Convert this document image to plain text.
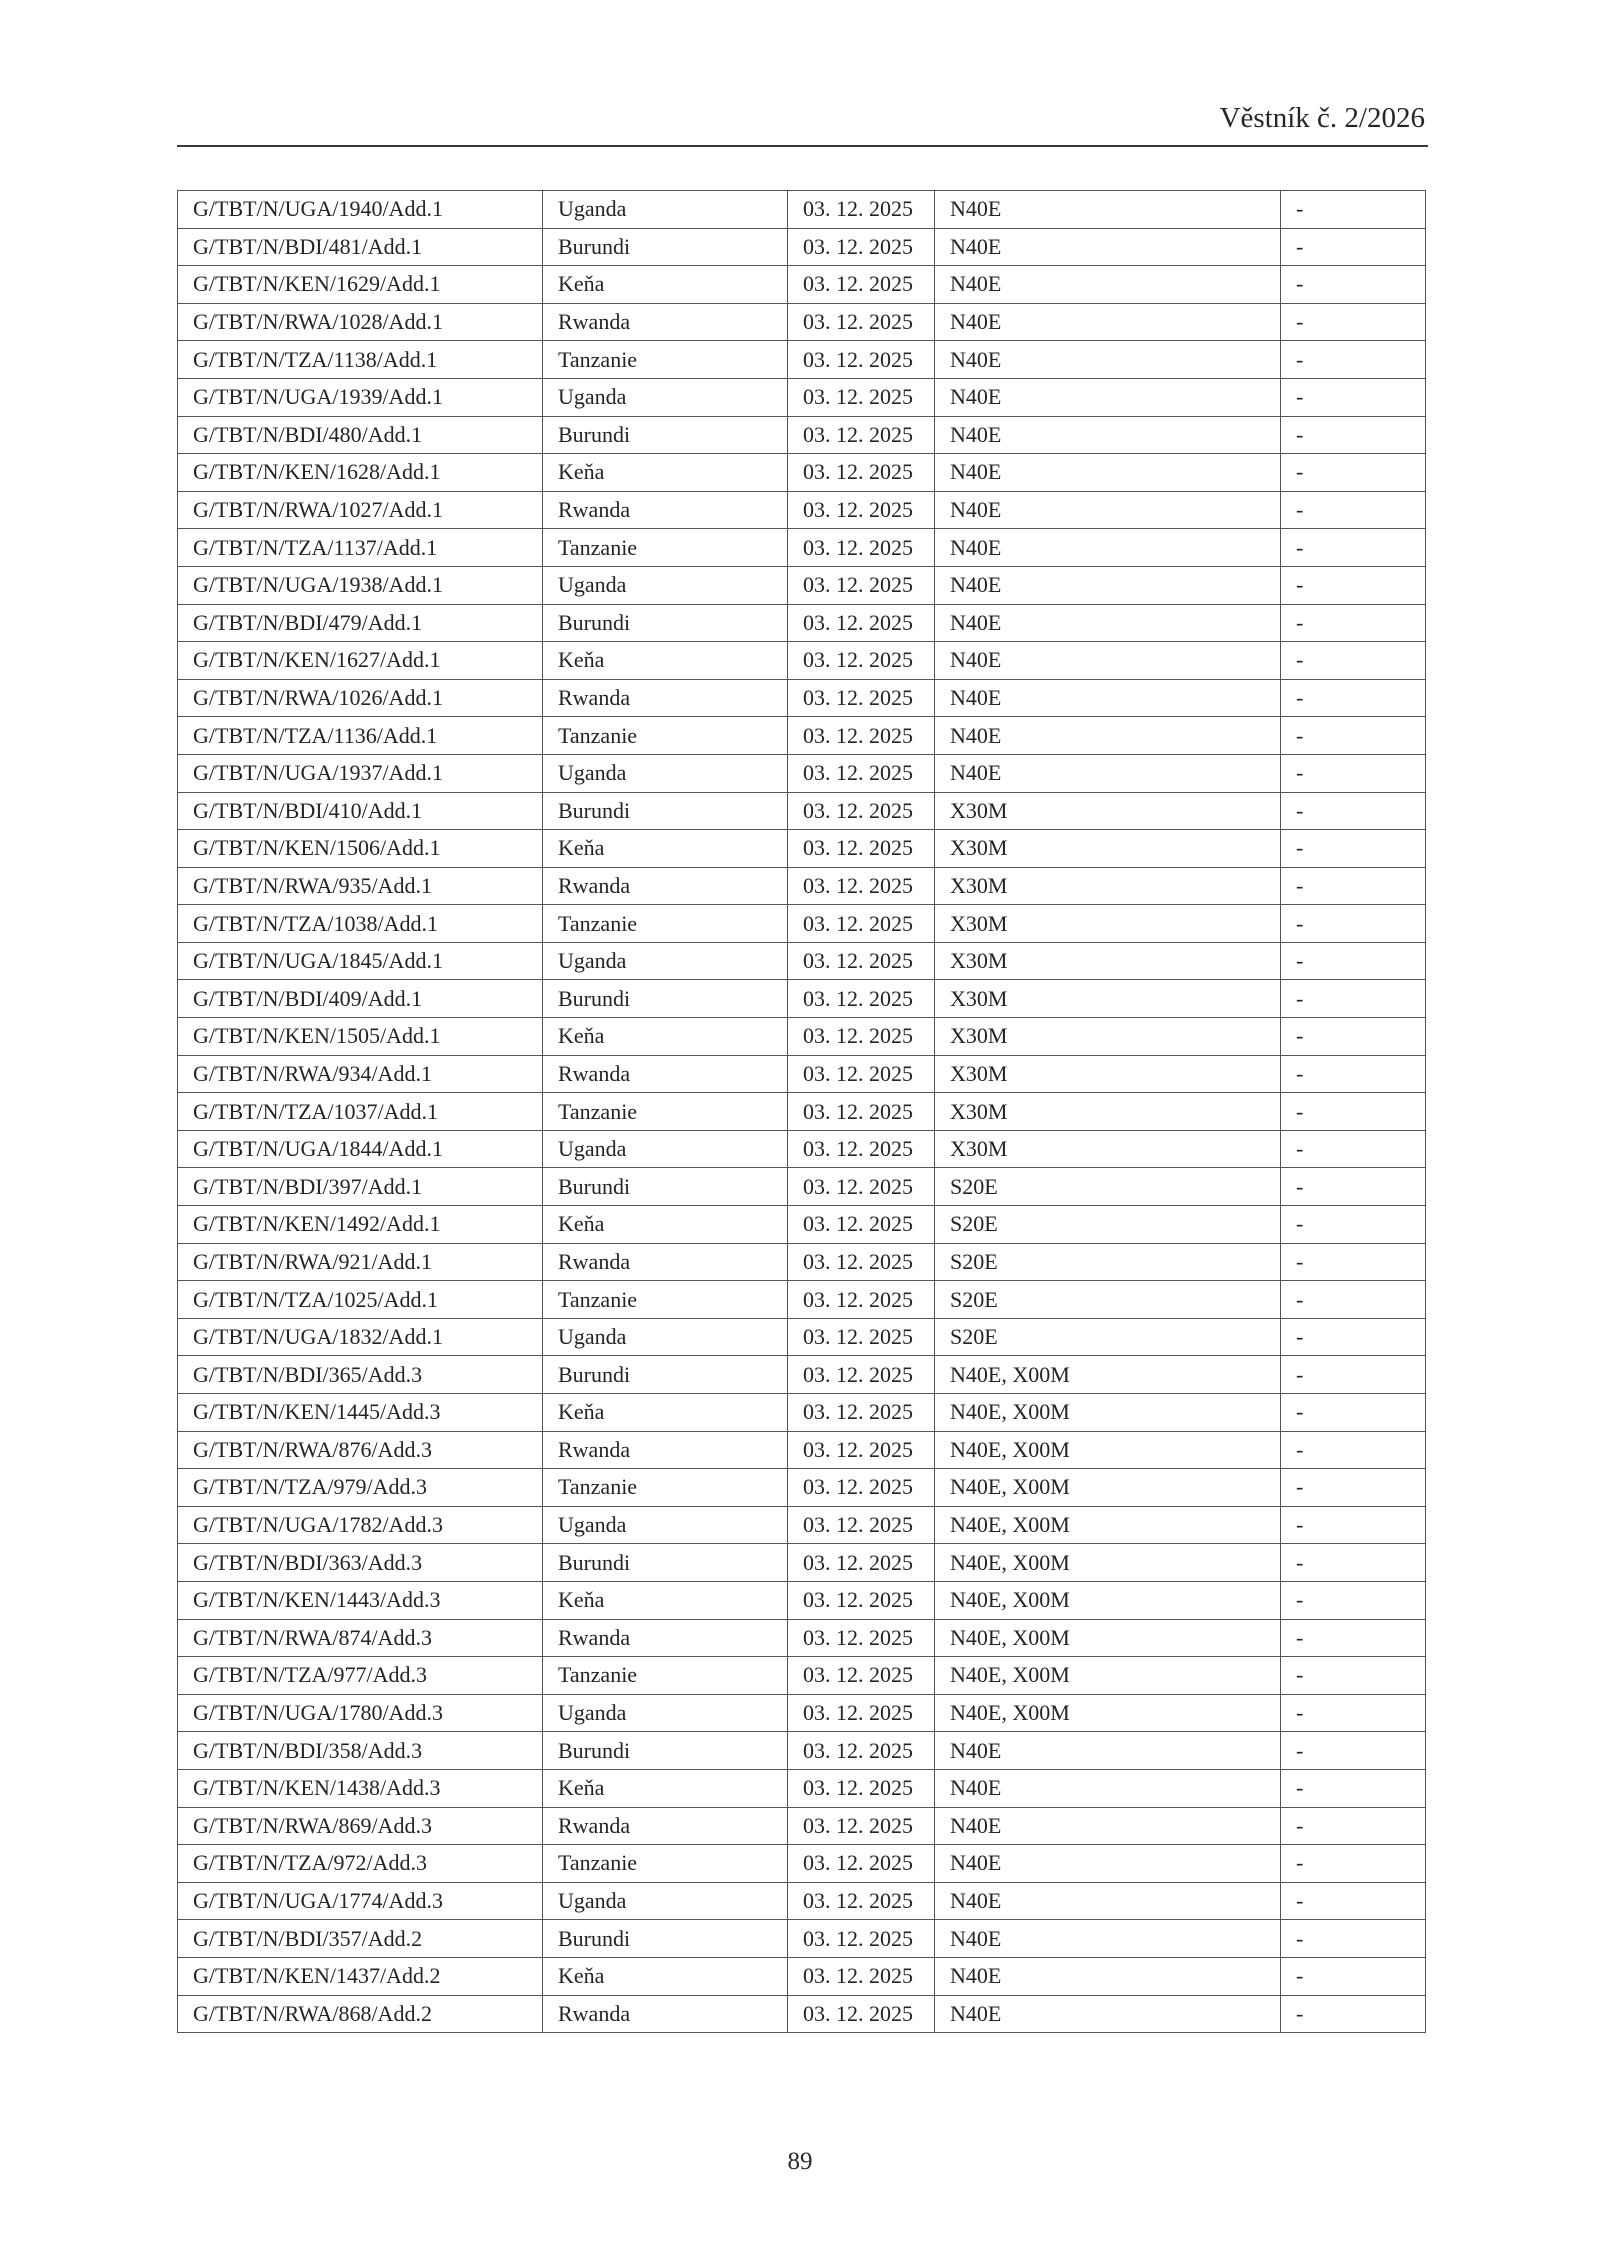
Věstník č. 2/2026
G/TBT/N/UGA/1940/Add.1	Uganda	03. 12. 2025	N40E	-
G/TBT/N/BDI/481/Add.1	Burundi	03. 12. 2025	N40E	-
G/TBT/N/KEN/1629/Add.1	Keňa	03. 12. 2025	N40E	-
G/TBT/N/RWA/1028/Add.1	Rwanda	03. 12. 2025	N40E	-
G/TBT/N/TZA/1138/Add.1	Tanzanie	03. 12. 2025	N40E	-
G/TBT/N/UGA/1939/Add.1	Uganda	03. 12. 2025	N40E	-
G/TBT/N/BDI/480/Add.1	Burundi	03. 12. 2025	N40E	-
G/TBT/N/KEN/1628/Add.1	Keňa	03. 12. 2025	N40E	-
G/TBT/N/RWA/1027/Add.1	Rwanda	03. 12. 2025	N40E	-
G/TBT/N/TZA/1137/Add.1	Tanzanie	03. 12. 2025	N40E	-
G/TBT/N/UGA/1938/Add.1	Uganda	03. 12. 2025	N40E	-
G/TBT/N/BDI/479/Add.1	Burundi	03. 12. 2025	N40E	-
G/TBT/N/KEN/1627/Add.1	Keňa	03. 12. 2025	N40E	-
G/TBT/N/RWA/1026/Add.1	Rwanda	03. 12. 2025	N40E	-
G/TBT/N/TZA/1136/Add.1	Tanzanie	03. 12. 2025	N40E	-
G/TBT/N/UGA/1937/Add.1	Uganda	03. 12. 2025	N40E	-
G/TBT/N/BDI/410/Add.1	Burundi	03. 12. 2025	X30M	-
G/TBT/N/KEN/1506/Add.1	Keňa	03. 12. 2025	X30M	-
G/TBT/N/RWA/935/Add.1	Rwanda	03. 12. 2025	X30M	-
G/TBT/N/TZA/1038/Add.1	Tanzanie	03. 12. 2025	X30M	-
G/TBT/N/UGA/1845/Add.1	Uganda	03. 12. 2025	X30M	-
G/TBT/N/BDI/409/Add.1	Burundi	03. 12. 2025	X30M	-
G/TBT/N/KEN/1505/Add.1	Keňa	03. 12. 2025	X30M	-
G/TBT/N/RWA/934/Add.1	Rwanda	03. 12. 2025	X30M	-
G/TBT/N/TZA/1037/Add.1	Tanzanie	03. 12. 2025	X30M	-
G/TBT/N/UGA/1844/Add.1	Uganda	03. 12. 2025	X30M	-
G/TBT/N/BDI/397/Add.1	Burundi	03. 12. 2025	S20E	-
G/TBT/N/KEN/1492/Add.1	Keňa	03. 12. 2025	S20E	-
G/TBT/N/RWA/921/Add.1	Rwanda	03. 12. 2025	S20E	-
G/TBT/N/TZA/1025/Add.1	Tanzanie	03. 12. 2025	S20E	-
G/TBT/N/UGA/1832/Add.1	Uganda	03. 12. 2025	S20E	-
G/TBT/N/BDI/365/Add.3	Burundi	03. 12. 2025	N40E, X00M	-
G/TBT/N/KEN/1445/Add.3	Keňa	03. 12. 2025	N40E, X00M	-
G/TBT/N/RWA/876/Add.3	Rwanda	03. 12. 2025	N40E, X00M	-
G/TBT/N/TZA/979/Add.3	Tanzanie	03. 12. 2025	N40E, X00M	-
G/TBT/N/UGA/1782/Add.3	Uganda	03. 12. 2025	N40E, X00M	-
G/TBT/N/BDI/363/Add.3	Burundi	03. 12. 2025	N40E, X00M	-
G/TBT/N/KEN/1443/Add.3	Keňa	03. 12. 2025	N40E, X00M	-
G/TBT/N/RWA/874/Add.3	Rwanda	03. 12. 2025	N40E, X00M	-
G/TBT/N/TZA/977/Add.3	Tanzanie	03. 12. 2025	N40E, X00M	-
G/TBT/N/UGA/1780/Add.3	Uganda	03. 12. 2025	N40E, X00M	-
G/TBT/N/BDI/358/Add.3	Burundi	03. 12. 2025	N40E	-
G/TBT/N/KEN/1438/Add.3	Keňa	03. 12. 2025	N40E	-
G/TBT/N/RWA/869/Add.3	Rwanda	03. 12. 2025	N40E	-
G/TBT/N/TZA/972/Add.3	Tanzanie	03. 12. 2025	N40E	-
G/TBT/N/UGA/1774/Add.3	Uganda	03. 12. 2025	N40E	-
G/TBT/N/BDI/357/Add.2	Burundi	03. 12. 2025	N40E	-
G/TBT/N/KEN/1437/Add.2	Keňa	03. 12. 2025	N40E	-
G/TBT/N/RWA/868/Add.2	Rwanda	03. 12. 2025	N40E	-
89
